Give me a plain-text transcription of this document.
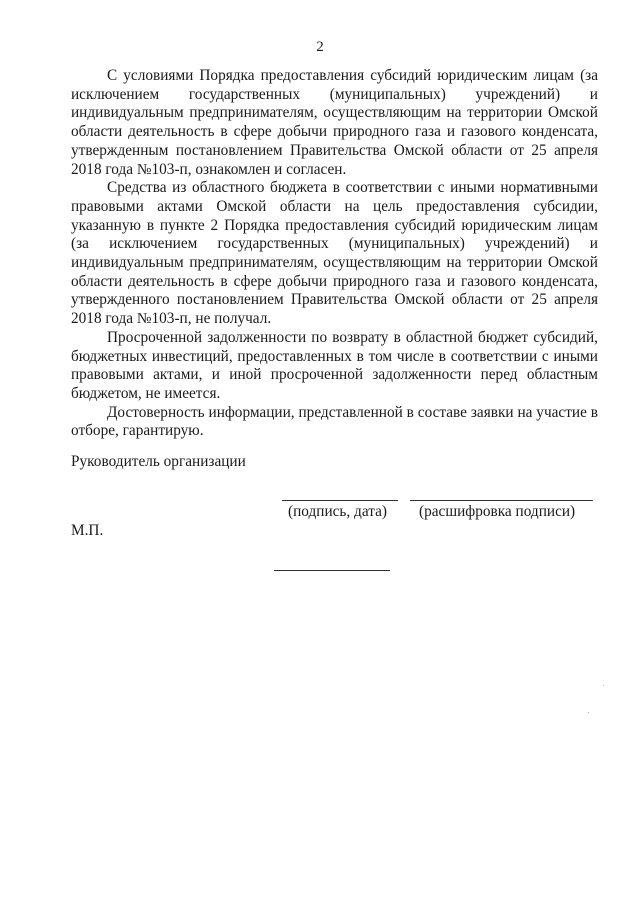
2

С условиями Порядка предоставления субсидий юридическим лицам (за исключением государственных (муниципальных) учреждений) и индивидуальным предпринимателям, осуществляющим на территории Омской области деятельность в сфере добычи природного газа и газового конденсата, утвержденным постановлением Правительства Омской области от 25 апреля 2018 года №103-п, ознакомлен и согласен.

Средства из областного бюджета в соответствии с иными нормативными правовыми актами Омской области на цель предоставления субсидии, указанную в пункте 2 Порядка предоставления субсидий юридическим лицам (за исключением государственных (муниципальных) учреждений) и индивидуальным предпринимателям, осуществляющим на территории Омской области деятельность в сфере добычи природного газа и газового конденсата, утвержденного постановлением Правительства Омской области от 25 апреля 2018 года №103-п, не получал.

Просроченной задолженности по возврату в областной бюджет субсидий, бюджетных инвестиций, предоставленных в том числе в соответствии с иными правовыми актами, и иной просроченной задолженности перед областным бюджетом, не имеется.

Достоверность информации, представленной в составе заявки на участие в отборе, гарантирую.

Руководитель организации
(подпись, дата) (расшифровка подписи)
М.П.
